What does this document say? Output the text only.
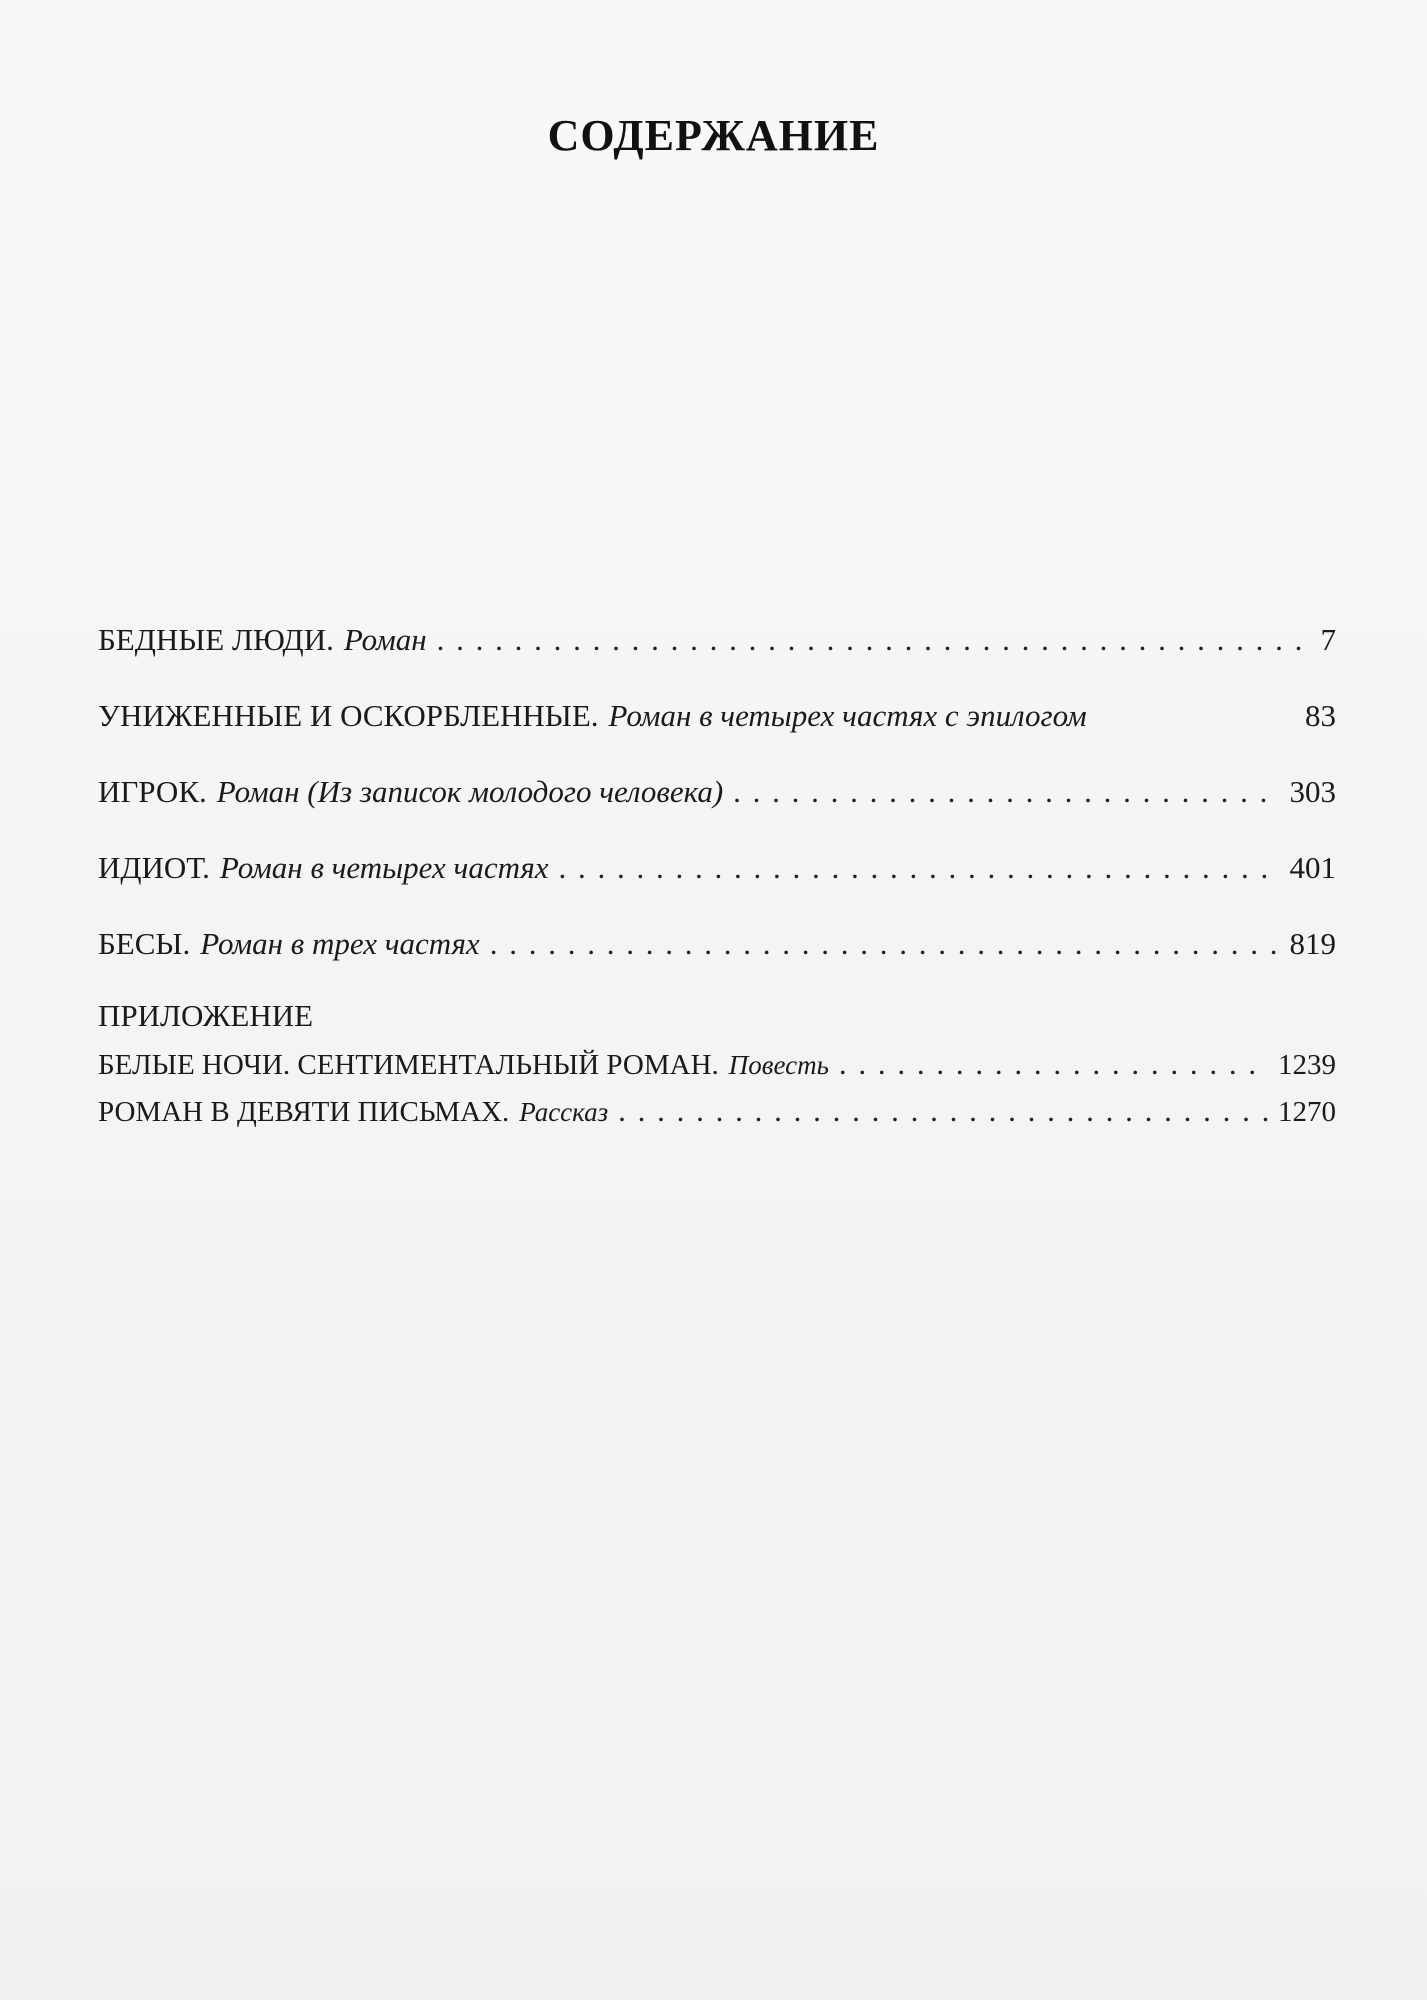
СОДЕРЖАНИЕ
БЕДНЫЕ ЛЮДИ. Роман . . .	7
УНИЖЕННЫЕ И ОСКОРБЛЕННЫЕ. Роман в четырех частях с эпилогом	83
ИГРОК. Роман (Из записок молодого человека) . . .	303
ИДИОТ. Роман в четырех частях . . .	401
БЕСЫ. Роман в трех частях . . .	819
ПРИЛОЖЕНИЕ
БЕЛЫЕ НОЧИ. СЕНТИМЕНТАЛЬНЫЙ РОМАН. Повесть . . .	1239
РОМАН В ДЕВЯТИ ПИСЬМАХ. Рассказ . . .	1270
